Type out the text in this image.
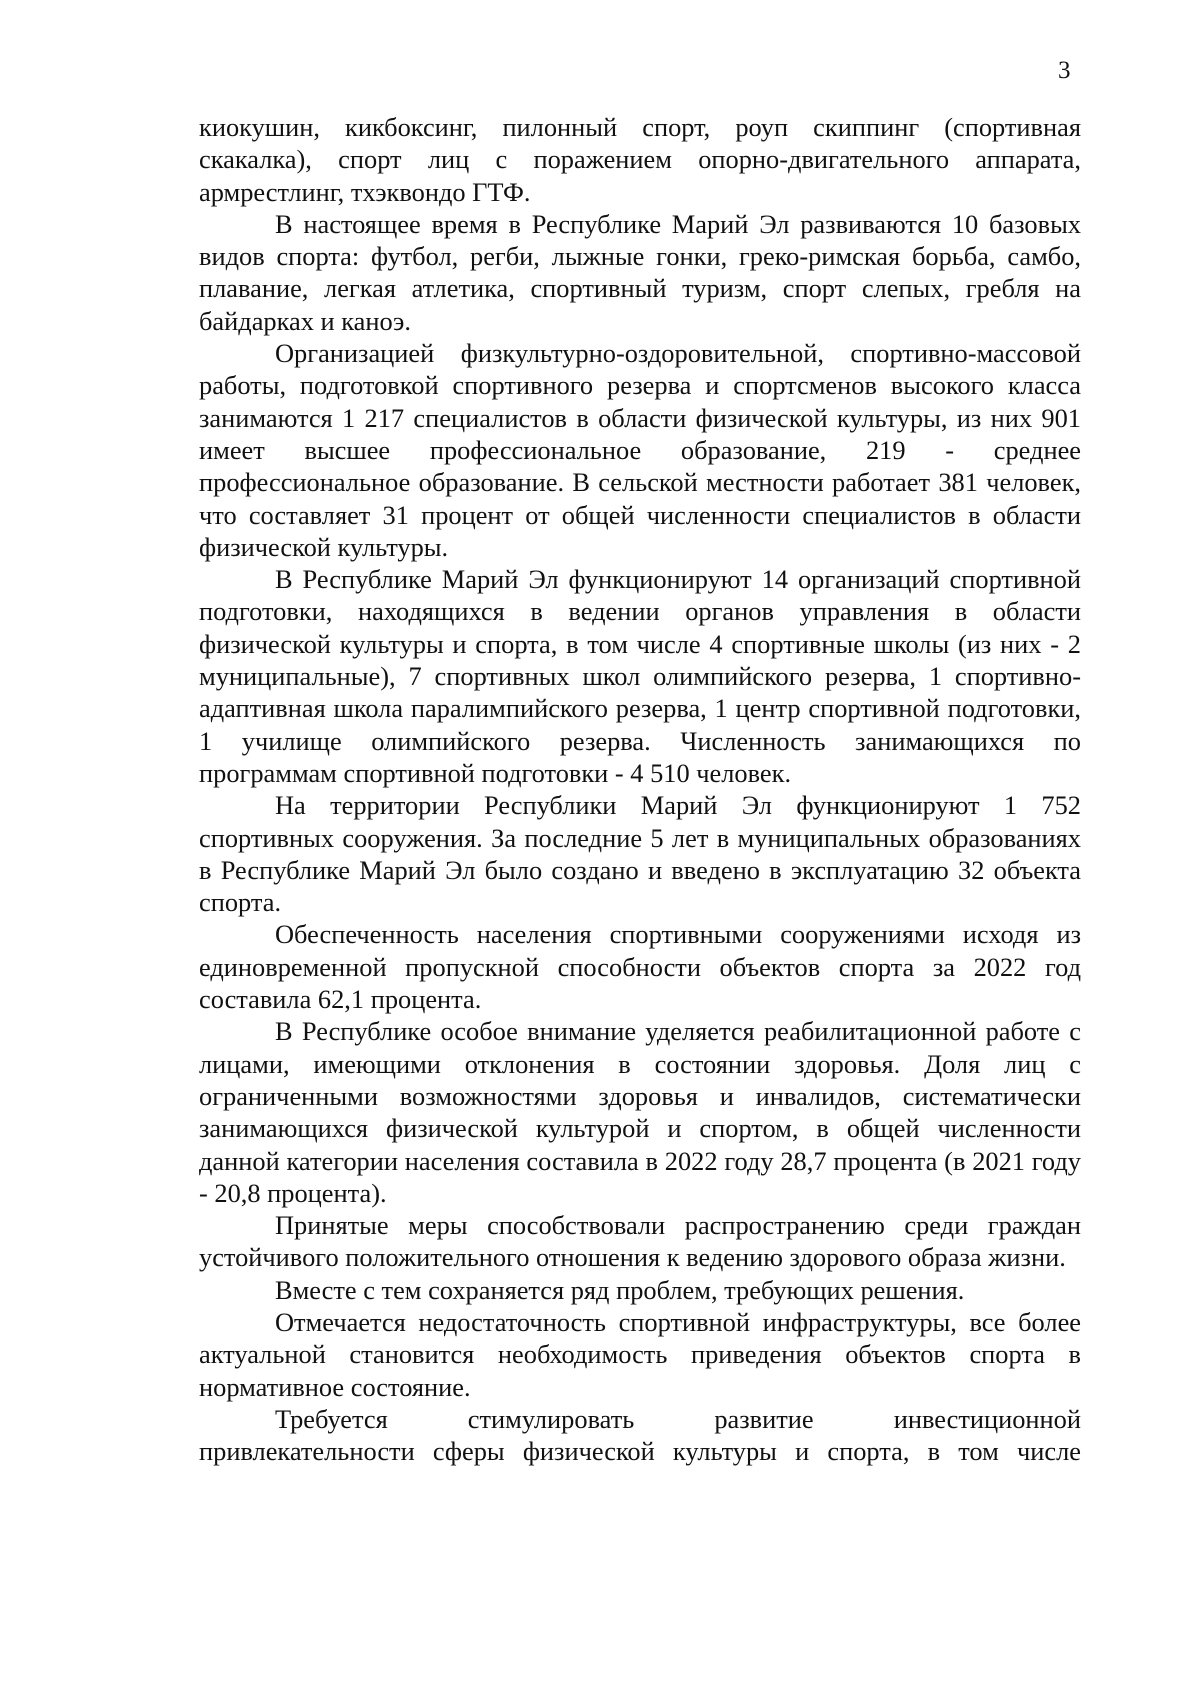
3

киокушин, кикбоксинг, пилонный спорт, роуп скиппинг (спортивная скакалка), спорт лиц с поражением опорно-двигательного аппарата, армрестлинг, тхэквондо ГТФ.

В настоящее время в Республике Марий Эл развиваются 10 базовых видов спорта: футбол, регби, лыжные гонки, греко-римская борьба, самбо, плавание, легкая атлетика, спортивный туризм, спорт слепых, гребля на байдарках и каноэ.

Организацией физкультурно-оздоровительной, спортивно-массовой работы, подготовкой спортивного резерва и спортсменов высокого класса занимаются 1 217 специалистов в области физической культуры, из них 901 имеет высшее профессиональное образование, 219 - среднее профессиональное образование. В сельской местности работает 381 человек, что составляет 31 процент от общей численности специалистов в области физической культуры.

В Республике Марий Эл функционируют 14 организаций спортивной подготовки, находящихся в ведении органов управления в области физической культуры и спорта, в том числе 4 спортивные школы (из них - 2 муниципальные), 7 спортивных школ олимпийского резерва, 1 спортивно-адаптивная школа паралимпийского резерва, 1 центр спортивной подготовки, 1 училище олимпийского резерва. Численность занимающихся по программам спортивной подготовки - 4 510 человек.

На территории Республики Марий Эл функционируют 1 752 спортивных сооружения. За последние 5 лет в муниципальных образованиях в Республике Марий Эл было создано и введено в эксплуатацию 32 объекта спорта.

Обеспеченность населения спортивными сооружениями исходя из единовременной пропускной способности объектов спорта за 2022 год составила 62,1 процента.

В Республике особое внимание уделяется реабилитационной работе с лицами, имеющими отклонения в состоянии здоровья. Доля лиц с ограниченными возможностями здоровья и инвалидов, систематически занимающихся физической культурой и спортом, в общей численности данной категории населения составила в 2022 году 28,7 процента (в 2021 году - 20,8 процента).

Принятые меры способствовали распространению среди граждан устойчивого положительного отношения к ведению здорового образа жизни.

Вместе с тем сохраняется ряд проблем, требующих решения.

Отмечается недостаточность спортивной инфраструктуры, все более актуальной становится необходимость приведения объектов спорта в нормативное состояние.

Требуется стимулировать развитие инвестиционной привлекательности сферы физической культуры и спорта, в том числе
